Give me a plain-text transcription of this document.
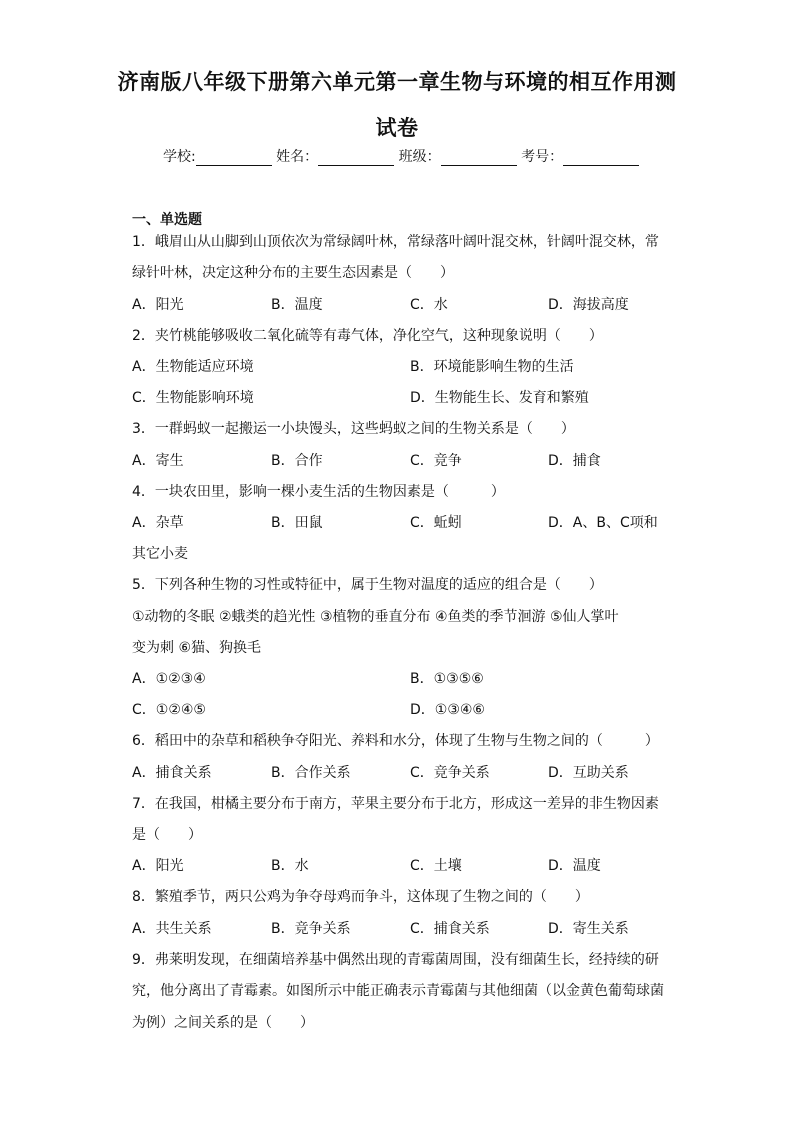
济南版八年级下册第六单元第一章生物与环境的相互作用测
试卷
学校:	姓名：	班级：	考号：
一、单选题
1．峨眉山从山脚到山顶依次为常绿阔叶林，常绿落叶阔叶混交林，针阔叶混交林，常
绿针叶林，决定这种分布的主要生态因素是（　　）
A．阳光	B．温度	C．水	D．海拔高度
2．夹竹桃能够吸收二氧化硫等有毒气体，净化空气，这种现象说明（　　）
A．生物能适应环境	B．环境能影响生物的生活
C．生物能影响环境	D．生物能生长、发育和繁殖
3．一群蚂蚁一起搬运一小块馒头，这些蚂蚁之间的生物关系是（　　）
A．寄生	B．合作	C．竞争	D．捕食
4．一块农田里，影响一棵小麦生活的生物因素是（　　　）
A．杂草	B．田鼠	C．蚯蚓	D．A、B、C项和
其它小麦
5．下列各种生物的习性或特征中，属于生物对温度的适应的组合是（　　）
①动物的冬眠 ②蛾类的趋光性 ③植物的垂直分布 ④鱼类的季节洄游 ⑤仙人掌叶
变为刺 ⑥猫、狗换毛
A．①②③④	B．①③⑤⑥
C．①②④⑤	D．①③④⑥
6．稻田中的杂草和稻秧争夺阳光、养料和水分，体现了生物与生物之间的（　　　）
A．捕食关系	B．合作关系	C．竞争关系	D．互助关系
7．在我国，柑橘主要分布于南方，苹果主要分布于北方，形成这一差异的非生物因素
是（　　）
A．阳光	B．水	C．土壤	D．温度
8．繁殖季节，两只公鸡为争夺母鸡而争斗，这体现了生物之间的（　　）
A．共生关系	B．竞争关系	C．捕食关系	D．寄生关系
9．弗莱明发现，在细菌培养基中偶然出现的青霉菌周围，没有细菌生长，经持续的研
究，他分离出了青霉素。如图所示中能正确表示青霉菌与其他细菌（以金黄色葡萄球菌
为例）之间关系的是（　　）
